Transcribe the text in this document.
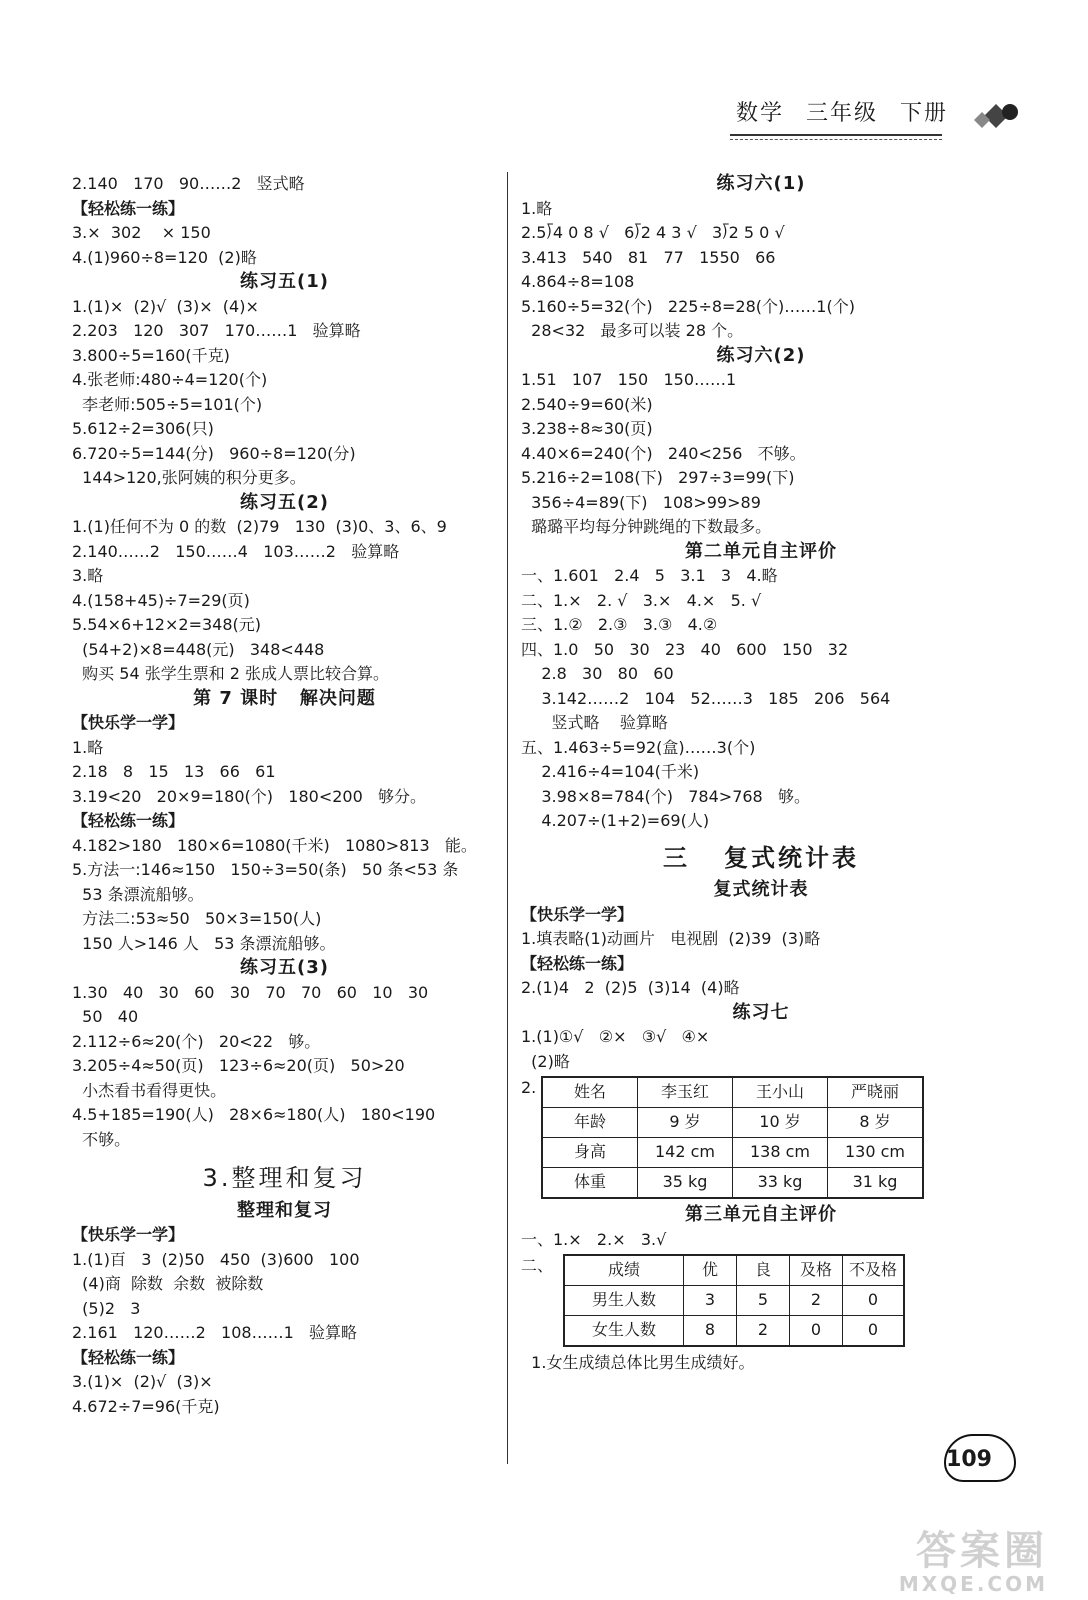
数学 三年级 下册
2.140   170   90……2   竖式略
【轻松练一练】
3.×  302    × 150
4.(1)960÷8=120  (2)略
练习五(1)
1.(1)×  (2)√  (3)×  (4)×
2.203   120   307   170……1   验算略
3.800÷5=160(千克)
4.张老师:480÷4=120(个)
李老师:505÷5=101(个)
5.612÷2=306(只)
6.720÷5=144(分)   960÷8=120(分)
144>120,张阿姨的积分更多。
练习五(2)
1.(1)任何不为 0 的数  (2)79   130  (3)0、3、6、9
2.140……2   150……4   103……2   验算略
3.略
4.(158+45)÷7=29(页)
5.54×6+12×2=348(元)
(54+2)×8=448(元)   348<448
购买 54 张学生票和 2 张成人票比较合算。
第 7 课时   解决问题
【快乐学一学】
1.略
2.18   8   15   13   66   61
3.19<20   20×9=180(个)   180<200   够分。
【轻松练一练】
4.182>180   180×6=1080(千米)   1080>813   能。
5.方法一:146≈150   150÷3=50(条)   50 条<53 条
53 条漂流船够。
方法二:53≈50   50×3=150(人)
150 人>146 人   53 条漂流船够。
练习五(3)
1.30   40   30   60   30   70   70   60   10   30
50   40
2.112÷6≈20(个)   20<22   够。
3.205÷4≈50(页)   123÷6≈20(页)   50>20
小杰看书看得更快。
4.5+185=190(人)   28×6≈180(人)   180<190
不够。
3.整理和复习
整理和复习
【快乐学一学】
1.(1)百   3  (2)50   450  (3)600   100
(4)商  除数  余数  被除数
(5)2   3
2.161   120……2   108……1   验算略
【轻松练一练】
3.(1)×  (2)√  (3)×
4.672÷7=96(千克)
练习六(1)
1.略
2.5⟌4 0 8 √   6⟌2 4 3 √   3⟌2 5 0 √
3.413   540   81   77   1550   66
4.864÷8=108
5.160÷5=32(个)   225÷8=28(个)……1(个)
28<32   最多可以装 28 个。
练习六(2)
1.51   107   150   150……1
2.540÷9=60(米)
3.238÷8≈30(页)
4.40×6=240(个)   240<256   不够。
5.216÷2=108(下)   297÷3=99(下)
356÷4=89(下)   108>99>89
璐璐平均每分钟跳绳的下数最多。
第二单元自主评价
一、1.601   2.4   5   3.1   3   4.略
二、1.×   2. √   3.×   4.×   5. √
三、1.②   2.③   3.③   4.②
四、1.0   50   30   23   40   600   150   32
2.8   30   80   60
3.142……2   104   52……3   185   206   564
竖式略    验算略
五、1.463÷5=92(盒)……3(个)
2.416÷4=104(千米)
3.98×8=784(个)   784>768   够。
4.207÷(1+2)=69(人)
三   复式统计表
复式统计表
【快乐学一学】
1.填表略(1)动画片   电视剧  (2)39  (3)略
【轻松练一练】
2.(1)4   2  (2)5  (3)14  (4)略
练习七
1.(1)①√   ②×   ③√   ④×
(2)略
2. 姓名	李玉红	王小山	严晓丽
年龄	9 岁	10 岁	8 岁
身高	142 cm	138 cm	130 cm
体重	35 kg	33 kg	31 kg
第三单元自主评价
一、1.×   2.×   3.√
二、	成绩	优	良	及格	不及格
男生人数	3	5	2	0
女生人数	8	2	0	0
1.女生成绩总体比男生成绩好。
109
答案圈
MXQE.COM
